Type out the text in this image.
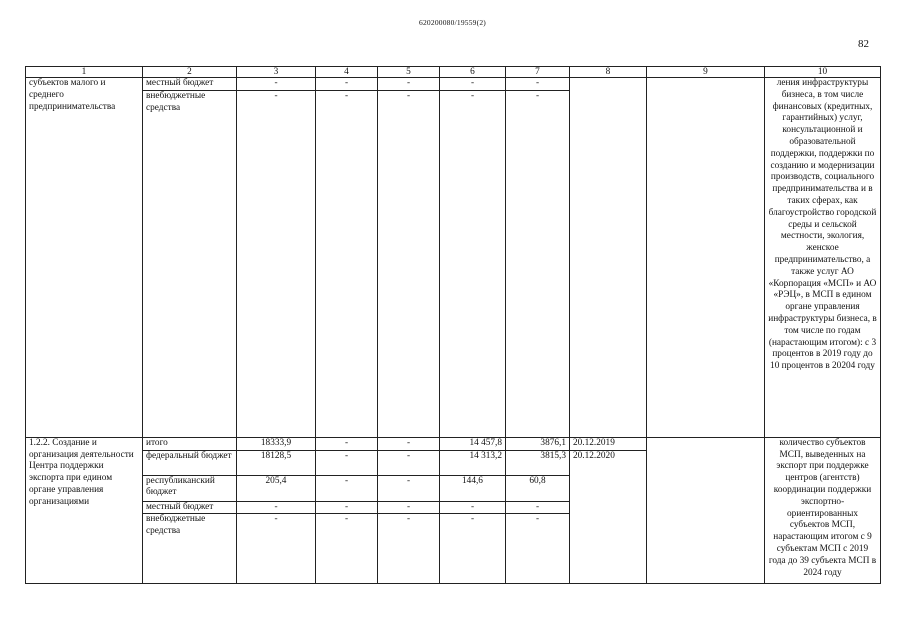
620200080/19559(2)
82
1	2	3	4	5	6	7	8	9	10
субъектов малого и среднего предпринимательства	местный бюджет	-	-	-	-	-			ления инфраструктуры бизнеса, в том числе финансовых (кредитных, гарантийных) услуг, консультационной и образовательной поддержки, поддержки по созданию и модернизации производств, социального предпринимательства и в таких сферах, как благоустройство городской среды и сельской местности, экология, женское предпринимательство, а также услуг АО «Корпорация «МСП» и АО «РЭЦ», в МСП в едином органе управления инфраструктуры бизнеса, в том числе по годам (нарастающим итогом): с 3 процентов в 2019 году до 10 процентов в 20204 году
	внебюджетные средства	-	-	-	-	-			
1.2.2. Создание и организация деятельности Центра поддержки экспорта при едином органе управления организациями	итого	18333,9	-	-	14 457,8	3876,1	20.12.2019		количество субъектов МСП, выведенных на экспорт при поддержке центров (агентств) координации поддержки экспортно-ориентированных субъектов МСП, нарастающим итогом с 9 субъектам МСП с 2019 года до 39 субъекта МСП в 2024 году
	федеральный бюджет	18128,5	-	-	14 313,2	3815,3	20.12.2020		
	республиканский бюджет	205,4	-	-	144,6	60,8			
	местный бюджет	-	-	-	-	-			
	внебюджетные средства	-	-	-	-	-			
